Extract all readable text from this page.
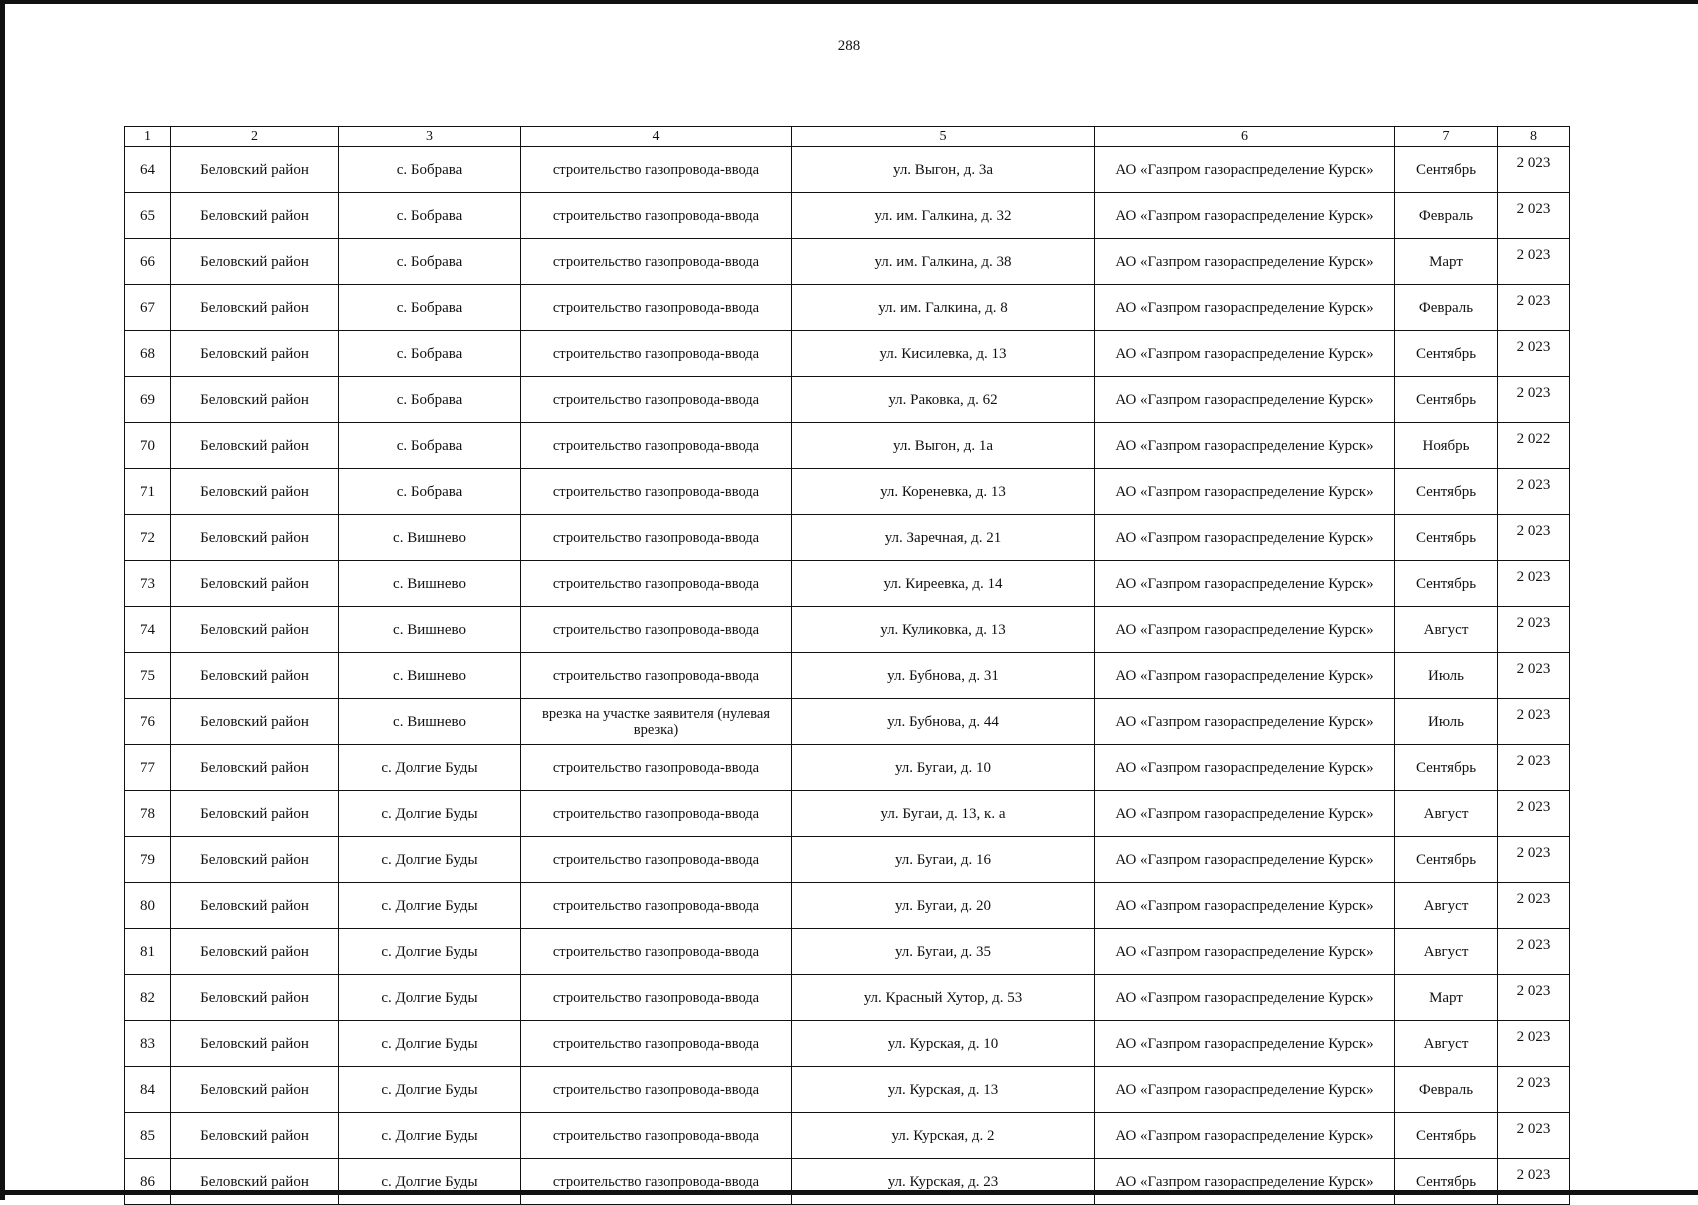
288
1	2	3	4	5	6	7	8
64	Беловский район	с. Бобрава	строительство газопровода-ввода	ул. Выгон, д. 3а	АО «Газпром газораспределение Курск»	Сентябрь	2 023
65	Беловский район	с. Бобрава	строительство газопровода-ввода	ул. им. Галкина, д. 32	АО «Газпром газораспределение Курск»	Февраль	2 023
66	Беловский район	с. Бобрава	строительство газопровода-ввода	ул. им. Галкина, д. 38	АО «Газпром газораспределение Курск»	Март	2 023
67	Беловский район	с. Бобрава	строительство газопровода-ввода	ул. им. Галкина, д. 8	АО «Газпром газораспределение Курск»	Февраль	2 023
68	Беловский район	с. Бобрава	строительство газопровода-ввода	ул. Кисилевка, д. 13	АО «Газпром газораспределение Курск»	Сентябрь	2 023
69	Беловский район	с. Бобрава	строительство газопровода-ввода	ул. Раковка, д. 62	АО «Газпром газораспределение Курск»	Сентябрь	2 023
70	Беловский район	с. Бобрава	строительство газопровода-ввода	ул. Выгон, д. 1а	АО «Газпром газораспределение Курск»	Ноябрь	2 022
71	Беловский район	с. Бобрава	строительство газопровода-ввода	ул. Кореневка, д. 13	АО «Газпром газораспределение Курск»	Сентябрь	2 023
72	Беловский район	с. Вишнево	строительство газопровода-ввода	ул. Заречная, д. 21	АО «Газпром газораспределение Курск»	Сентябрь	2 023
73	Беловский район	с. Вишнево	строительство газопровода-ввода	ул. Киреевка, д. 14	АО «Газпром газораспределение Курск»	Сентябрь	2 023
74	Беловский район	с. Вишнево	строительство газопровода-ввода	ул. Куликовка, д. 13	АО «Газпром газораспределение Курск»	Август	2 023
75	Беловский район	с. Вишнево	строительство газопровода-ввода	ул. Бубнова, д. 31	АО «Газпром газораспределение Курск»	Июль	2 023
76	Беловский район	с. Вишнево	врезка на участке заявителя (нулевая врезка)	ул. Бубнова, д. 44	АО «Газпром газораспределение Курск»	Июль	2 023
77	Беловский район	с. Долгие Буды	строительство газопровода-ввода	ул. Бугаи, д. 10	АО «Газпром газораспределение Курск»	Сентябрь	2 023
78	Беловский район	с. Долгие Буды	строительство газопровода-ввода	ул. Бугаи, д. 13, к. а	АО «Газпром газораспределение Курск»	Август	2 023
79	Беловский район	с. Долгие Буды	строительство газопровода-ввода	ул. Бугаи, д. 16	АО «Газпром газораспределение Курск»	Сентябрь	2 023
80	Беловский район	с. Долгие Буды	строительство газопровода-ввода	ул. Бугаи, д. 20	АО «Газпром газораспределение Курск»	Август	2 023
81	Беловский район	с. Долгие Буды	строительство газопровода-ввода	ул. Бугаи, д. 35	АО «Газпром газораспределение Курск»	Август	2 023
82	Беловский район	с. Долгие Буды	строительство газопровода-ввода	ул. Красный Хутор, д. 53	АО «Газпром газораспределение Курск»	Март	2 023
83	Беловский район	с. Долгие Буды	строительство газопровода-ввода	ул. Курская, д. 10	АО «Газпром газораспределение Курск»	Август	2 023
84	Беловский район	с. Долгие Буды	строительство газопровода-ввода	ул. Курская, д. 13	АО «Газпром газораспределение Курск»	Февраль	2 023
85	Беловский район	с. Долгие Буды	строительство газопровода-ввода	ул. Курская, д. 2	АО «Газпром газораспределение Курск»	Сентябрь	2 023
86	Беловский район	с. Долгие Буды	строительство газопровода-ввода	ул. Курская, д. 23	АО «Газпром газораспределение Курск»	Сентябрь	2 023
